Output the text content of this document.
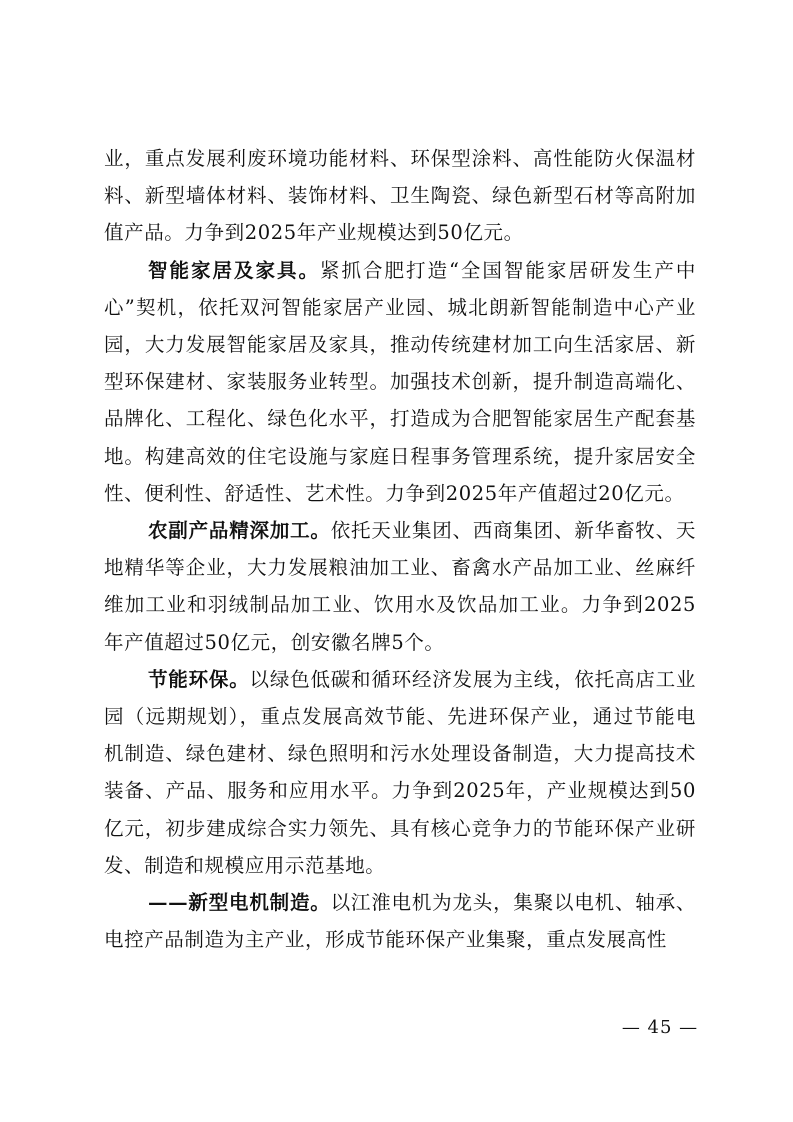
业，重点发展利废环境功能材料、环保型涂料、高性能防火保温材料、新型墙体材料、装饰材料、卫生陶瓷、绿色新型石材等高附加值产品。力争到2025年产业规模达到50亿元。

智能家居及家具。紧抓合肥打造“全国智能家居研发生产中心”契机，依托双河智能家居产业园、城北朗新智能制造中心产业园，大力发展智能家居及家具，推动传统建材加工向生活家居、新型环保建材、家装服务业转型。加强技术创新，提升制造高端化、品牌化、工程化、绿色化水平，打造成为合肥智能家居生产配套基地。构建高效的住宅设施与家庭日程事务管理系统，提升家居安全性、便利性、舒适性、艺术性。力争到2025年产值超过20亿元。

农副产品精深加工。依托天业集团、西商集团、新华畜牧、天地精华等企业，大力发展粮油加工业、畜禽水产品加工业、丝麻纤维加工业和羽绒制品加工业、饮用水及饮品加工业。力争到2025年产值超过50亿元，创安徽名牌5个。

节能环保。以绿色低碳和循环经济发展为主线，依托高店工业园（远期规划），重点发展高效节能、先进环保产业，通过节能电机制造、绿色建材、绿色照明和污水处理设备制造，大力提高技术装备、产品、服务和应用水平。力争到2025年，产业规模达到50亿元，初步建成综合实力领先、具有核心竞争力的节能环保产业研发、制造和规模应用示范基地。

——新型电机制造。以江淮电机为龙头，集聚以电机、轴承、电控产品制造为主产业，形成节能环保产业集聚，重点发展高性

— 45 —
